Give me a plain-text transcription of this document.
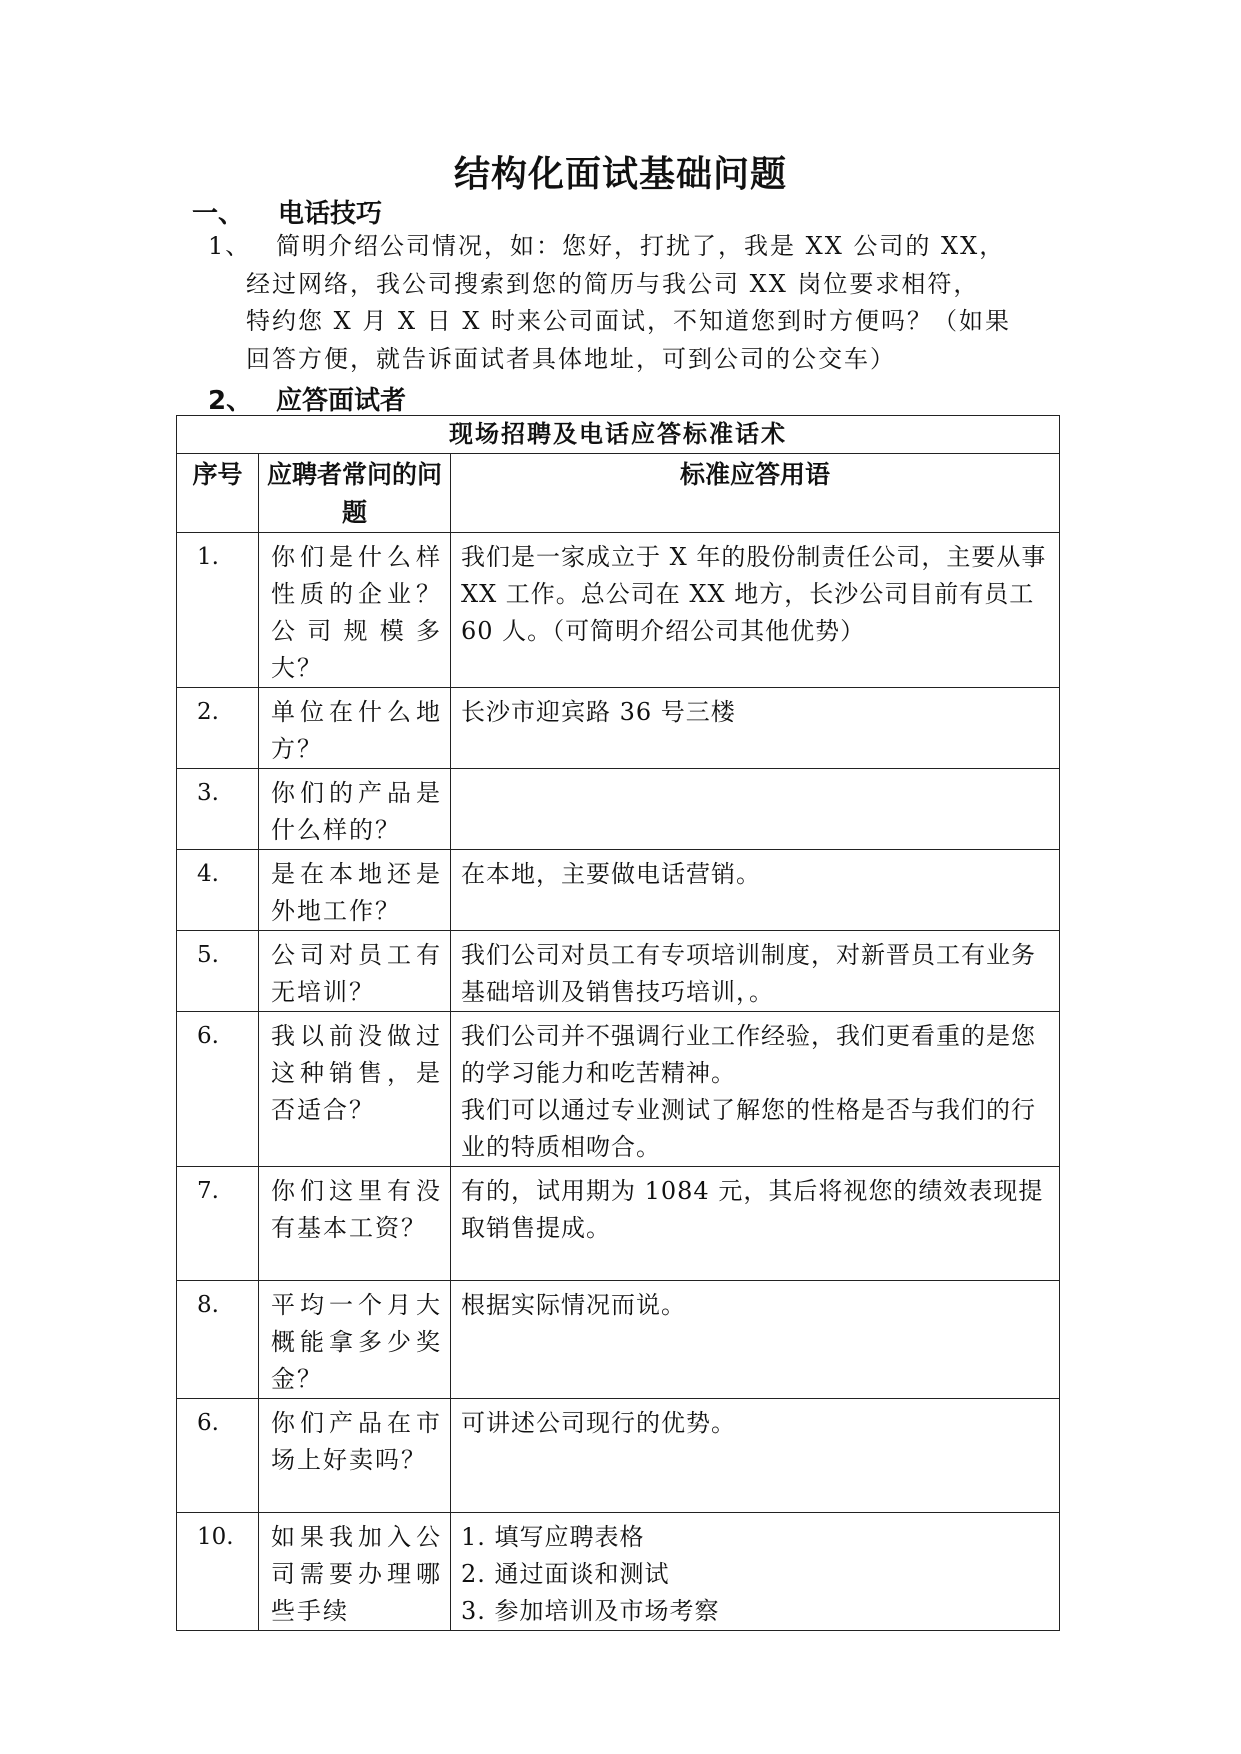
结构化面试基础问题
一、 电话技巧
1、 简明介绍公司情况，如：您好，打扰了，我是 XX 公司的 XX，
经过网络，我公司搜索到您的简历与我公司 XX 岗位要求相符，
特约您 X 月 X 日 X 时来公司面试，不知道您到时方便吗？（如果
回答方便，就告诉面试者具体地址，可到公司的公交车）
2、 应答面试者
现场招聘及电话应答标准话术		
序号	应聘者常问的问题	标准应答用语
1.	你们是什么样性质的企业？公司规模多大？	我们是一家成立于 X 年的股份制责任公司，主要从事 XX 工作。总公司在 XX 地方，长沙公司目前有员工 60 人。（可简明介绍公司其他优势）

2.	单位在什么地方？	长沙市迎宾路 36 号三楼

3.	你们的产品是什么样的？	

4.	是在本地还是外地工作？	在本地，主要做电话营销。

5.	公司对员工有无培训？	我们公司对员工有专项培训制度，对新晋员工有业务基础培训及销售技巧培训，。

6.	我以前没做过这种销售，是否适合？	我们公司并不强调行业工作经验，我们更看重的是您的学习能力和吃苦精神。
我们可以通过专业测试了解您的性格是否与我们的行业的特质相吻合。

7.	你们这里有没有基本工资？	有的，试用期为 1084 元，其后将视您的绩效表现提取销售提成。

8.	平均一个月大概能拿多少奖金？	根据实际情况而说。

6.	你们产品在市场上好卖吗？	可讲述公司现行的优势。

10.	如果我加入公司需要办理哪些手续	1. 填写应聘表格
2. 通过面谈和测试
3. 参加培训及市场考察
